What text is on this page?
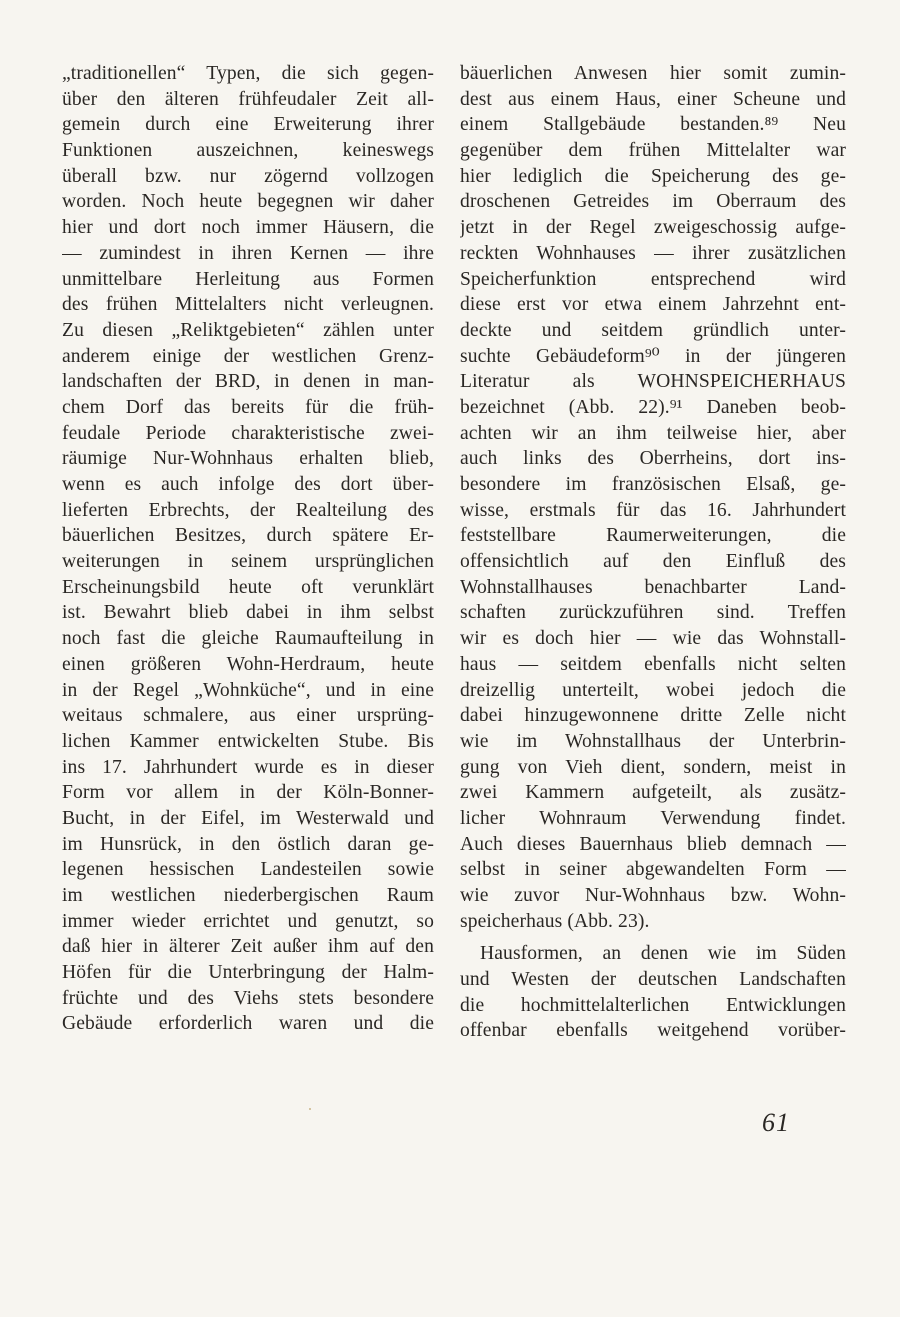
„traditionellen“ Typen, die sich gegen-
über den älteren frühfeudaler Zeit all-
gemein durch eine Erweiterung ihrer
Funktionen auszeichnen, keineswegs
überall bzw. nur zögernd vollzogen
worden. Noch heute begegnen wir daher
hier und dort noch immer Häusern, die
— zumindest in ihren Kernen — ihre
unmittelbare Herleitung aus Formen
des frühen Mittelalters nicht verleugnen.
Zu diesen „Reliktgebieten“ zählen unter
anderem einige der westlichen Grenz-
landschaften der BRD, in denen in man-
chem Dorf das bereits für die früh-
feudale Periode charakteristische zwei-
räumige Nur-Wohnhaus erhalten blieb,
wenn es auch infolge des dort über-
lieferten Erbrechts, der Realteilung des
bäuerlichen Besitzes, durch spätere Er-
weiterungen in seinem ursprünglichen
Erscheinungsbild heute oft verunklärt
ist. Bewahrt blieb dabei in ihm selbst
noch fast die gleiche Raumaufteilung in
einen größeren Wohn-Herdraum, heute
in der Regel „Wohnküche“, und in eine
weitaus schmalere, aus einer ursprüng-
lichen Kammer entwickelten Stube. Bis
ins 17. Jahrhundert wurde es in dieser
Form vor allem in der Köln-Bonner-
Bucht, in der Eifel, im Westerwald und
im Hunsrück, in den östlich daran ge-
legenen hessischen Landesteilen sowie
im westlichen niederbergischen Raum
immer wieder errichtet und genutzt, so
daß hier in älterer Zeit außer ihm auf den
Höfen für die Unterbringung der Halm-
früchte und des Viehs stets besondere
Gebäude erforderlich waren und die
bäuerlichen Anwesen hier somit zumin-
dest aus einem Haus, einer Scheune und
einem Stallgebäude bestanden.⁸⁹ Neu
gegenüber dem frühen Mittelalter war
hier lediglich die Speicherung des ge-
droschenen Getreides im Oberraum des
jetzt in der Regel zweigeschossig aufge-
reckten Wohnhauses — ihrer zusätzlichen
Speicherfunktion entsprechend wird
diese erst vor etwa einem Jahrzehnt ent-
deckte und seitdem gründlich unter-
suchte Gebäudeform⁹⁰ in der jüngeren
Literatur als WOHNSPEICHERHAUS
bezeichnet (Abb. 22).⁹¹ Daneben beob-
achten wir an ihm teilweise hier, aber
auch links des Oberrheins, dort ins-
besondere im französischen Elsaß, ge-
wisse, erstmals für das 16. Jahrhundert
feststellbare Raumerweiterungen, die
offensichtlich auf den Einfluß des
Wohnstallhauses benachbarter Land-
schaften zurückzuführen sind. Treffen
wir es doch hier — wie das Wohnstall-
haus — seitdem ebenfalls nicht selten
dreizellig unterteilt, wobei jedoch die
dabei hinzugewonnene dritte Zelle nicht
wie im Wohnstallhaus der Unterbrin-
gung von Vieh dient, sondern, meist in
zwei Kammern aufgeteilt, als zusätz-
licher Wohnraum Verwendung findet.
Auch dieses Bauernhaus blieb demnach —
selbst in seiner abgewandelten Form —
wie zuvor Nur-Wohnhaus bzw. Wohn-
speicherhaus (Abb. 23).
Hausformen, an denen wie im Süden
und Westen der deutschen Landschaften
die hochmittelalterlichen Entwicklungen
offenbar ebenfalls weitgehend vorüber-
61
